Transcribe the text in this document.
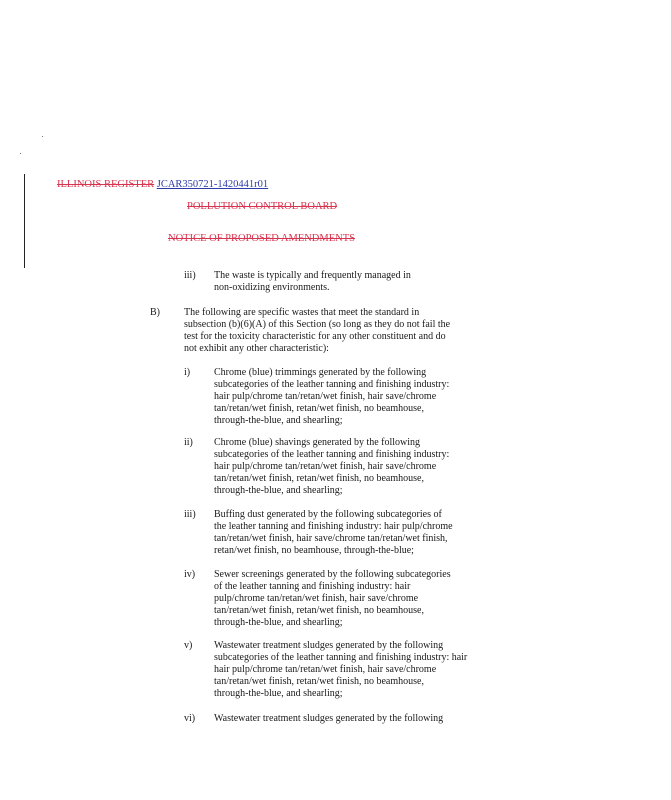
ILLINOIS REGISTER JCAR350721-1420441r01
POLLUTION CONTROL BOARD
NOTICE OF PROPOSED AMENDMENTS
iii) The waste is typically and frequently managed in
non-oxidizing environments.
B) The following are specific wastes that meet the standard in
subsection (b)(6)(A) of this Section (so long as they do not fail the
test for the toxicity characteristic for any other constituent and do
not exhibit any other characteristic):
i) Chrome (blue) trimmings generated by the following
subcategories of the leather tanning and finishing industry:
hair pulp/chrome tan/retan/wet finish, hair save/chrome
tan/retan/wet finish, retan/wet finish, no beamhouse,
through-the-blue, and shearling;
ii) Chrome (blue) shavings generated by the following
subcategories of the leather tanning and finishing industry:
hair pulp/chrome tan/retan/wet finish, hair save/chrome
tan/retan/wet finish, retan/wet finish, no beamhouse,
through-the-blue, and shearling;
iii) Buffing dust generated by the following subcategories of
the leather tanning and finishing industry: hair pulp/chrome
tan/retan/wet finish, hair save/chrome tan/retan/wet finish,
retan/wet finish, no beamhouse, through-the-blue;
iv) Sewer screenings generated by the following subcategories
of the leather tanning and finishing industry: hair
pulp/chrome tan/retan/wet finish, hair save/chrome
tan/retan/wet finish, retan/wet finish, no beamhouse,
through-the-blue, and shearling;
v) Wastewater treatment sludges generated by the following
subcategories of the leather tanning and finishing industry: hair
hair pulp/chrome tan/retan/wet finish, hair save/chrome
tan/retan/wet finish, retan/wet finish, no beamhouse,
through-the-blue, and shearling;
vi) Wastewater treatment sludges generated by the following
